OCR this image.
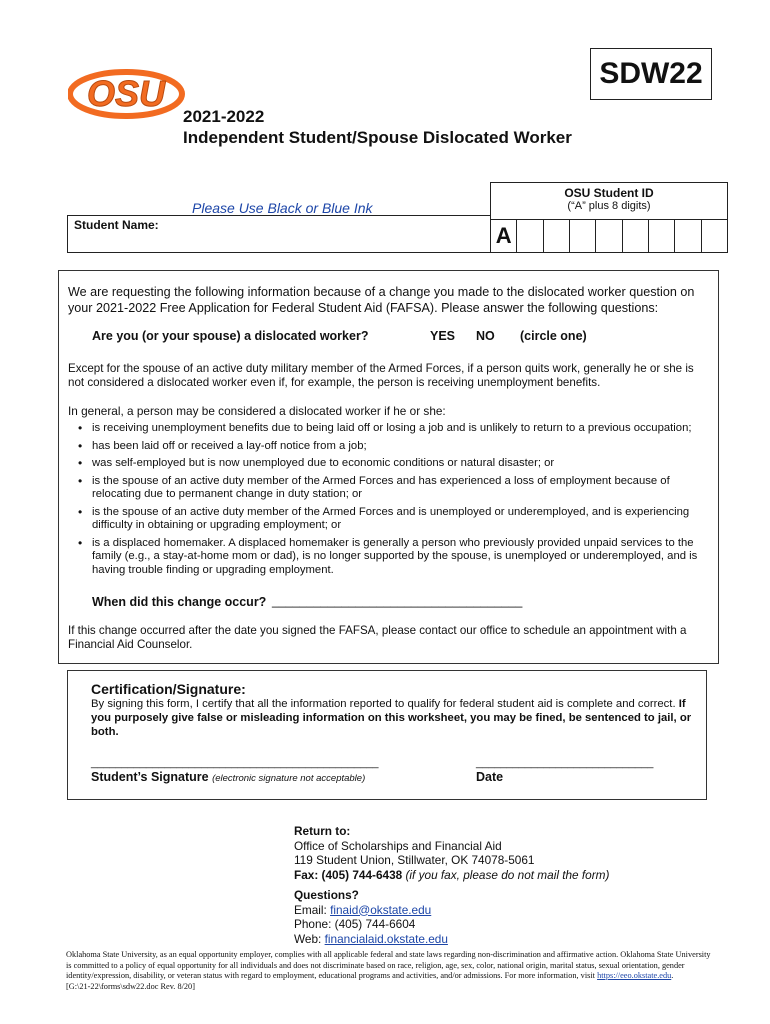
OSU	SDW22
2021-2022
Independent Student/Spouse Dislocated Worker
Please Use Black or Blue Ink
OSU Student ID
(“A” plus 8 digits)
Student Name:	A
We are requesting the following information because of a change you made to the dislocated worker question on your 2021-2022 Free Application for Federal Student Aid (FAFSA). Please answer the following questions:
Are you (or your spouse) a dislocated worker?	YES NO (circle one)
Except for the spouse of an active duty military member of the Armed Forces, if a person quits work, generally he or she is not considered a dislocated worker even if, for example, the person is receiving unemployment benefits.
In general, a person may be considered a dislocated worker if he or she:
• is receiving unemployment benefits due to being laid off or losing a job and is unlikely to return to a previous occupation;
• has been laid off or received a lay-off notice from a job;
• was self-employed but is now unemployed due to economic conditions or natural disaster; or
• is the spouse of an active duty member of the Armed Forces and has experienced a loss of employment because of relocating due to permanent change in duty station; or
• is the spouse of an active duty member of the Armed Forces and is unemployed or underemployed, and is experiencing difficulty in obtaining or upgrading employment; or
• is a displaced homemaker. A displaced homemaker is generally a person who previously provided unpaid services to the family (e.g., a stay-at-home mom or dad), is no longer supported by the spouse, is unemployed or underemployed, and is having trouble finding or upgrading employment.
When did this change occur? ____________________________________
If this change occurred after the date you signed the FAFSA, please contact our office to schedule an appointment with a Financial Aid Counselor.
Certification/Signature:
By signing this form, I certify that all the information reported to qualify for federal student aid is complete and correct. If you purposely give false or misleading information on this worksheet, you may be fined, be sentenced to jail, or both.
_______________________________________________	_____________________________
Student’s Signature (electronic signature not acceptable)	Date
Return to:
Office of Scholarships and Financial Aid
119 Student Union, Stillwater, OK 74078-5061
Fax: (405) 744-6438 (if you fax, please do not mail the form)
Questions?
Email: finaid@okstate.edu
Phone: (405) 744-6604
Web: financialaid.okstate.edu
Oklahoma State University, as an equal opportunity employer, complies with all applicable federal and state laws regarding non-discrimination and affirmative action. Oklahoma State University is committed to a policy of equal opportunity for all individuals and does not discriminate based on race, religion, age, sex, color, national origin, marital status, sexual orientation, gender identity/expression, disability, or veteran status with regard to employment, educational programs and activities, and/or admissions. For more information, visit https://eeo.okstate.edu.
[G:\21-22\forms\sdw22.doc Rev. 8/20]
